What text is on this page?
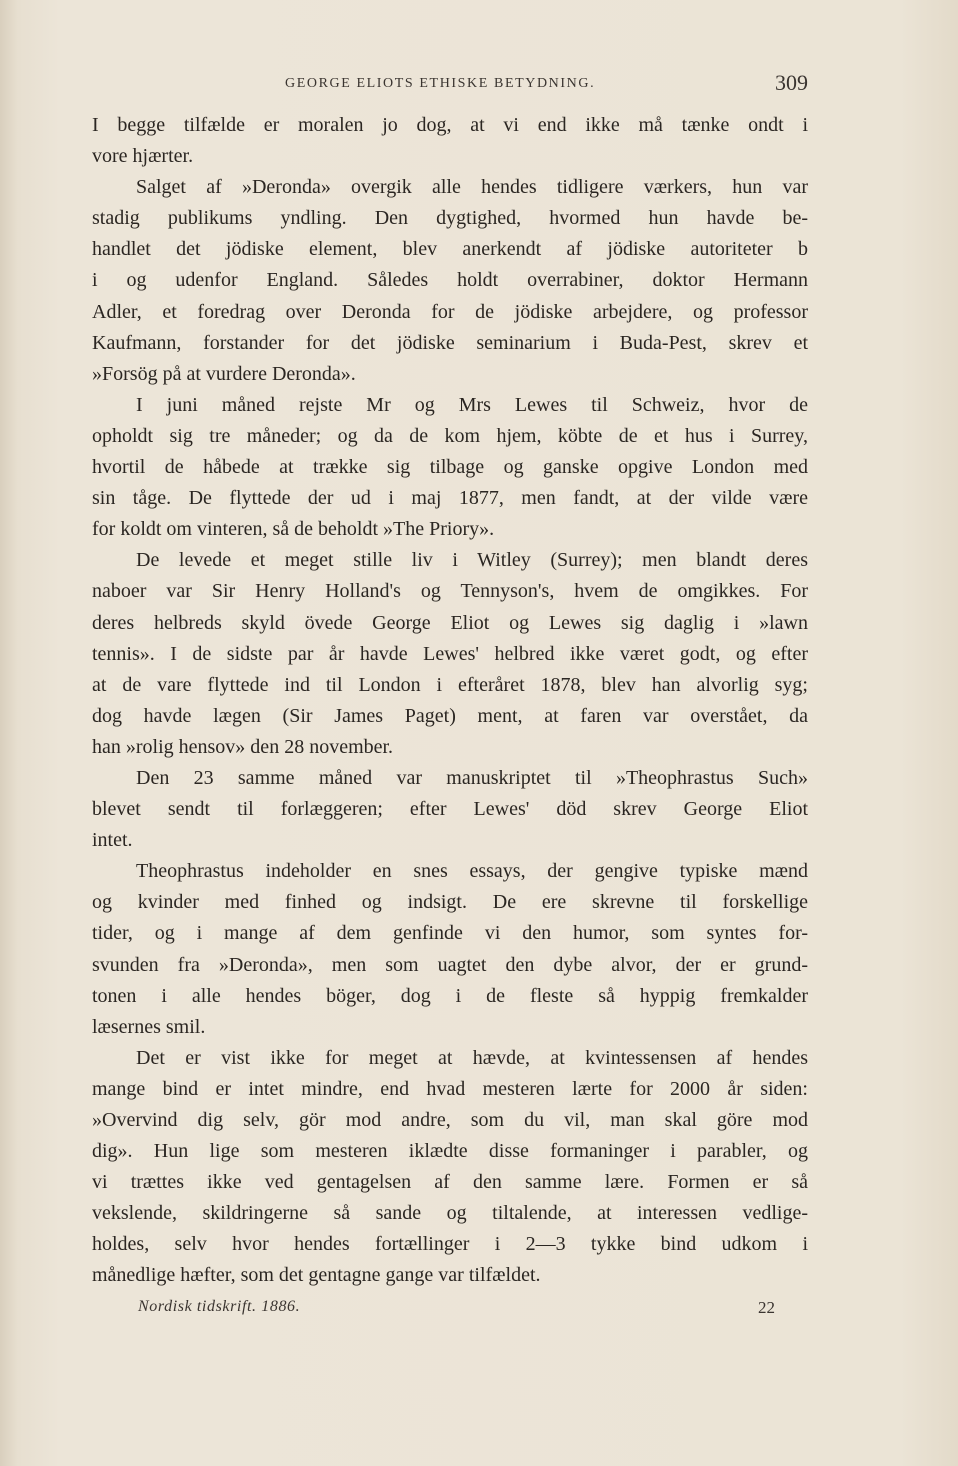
GEORGE ELIOTS ETHISKE BETYDNING.	309
I begge tilfælde er moralen jo dog, at vi end ikke må tænke ondt i
vore hjærter.
Salget af »Deronda» overgik alle hendes tidligere værkers, hun var
stadig publikums yndling. Den dygtighed, hvormed hun havde be-
handlet det jödiske element, blev anerkendt af jödiske autoriteter b
i og udenfor England. Således holdt overrabiner, doktor Hermann
Adler, et foredrag over Deronda for de jödiske arbejdere, og professor
Kaufmann, forstander for det jödiske seminarium i Buda-Pest, skrev et
»Forsög på at vurdere Deronda».
I juni måned rejste Mr og Mrs Lewes til Schweiz, hvor de
opholdt sig tre måneder; og da de kom hjem, köbte de et hus i Surrey,
hvortil de håbede at trække sig tilbage og ganske opgive London med
sin tåge. De flyttede der ud i maj 1877, men fandt, at der vilde være
for koldt om vinteren, så de beholdt »The Priory».
De levede et meget stille liv i Witley (Surrey); men blandt deres
naboer var Sir Henry Holland's og Tennyson's, hvem de omgikkes. For
deres helbreds skyld övede George Eliot og Lewes sig daglig i »lawn
tennis». I de sidste par år havde Lewes' helbred ikke været godt, og efter
at de vare flyttede ind til London i efteråret 1878, blev han alvorlig syg;
dog havde lægen (Sir James Paget) ment, at faren var overstået, da
han »rolig hensov» den 28 november.
Den 23 samme måned var manuskriptet til »Theophrastus Such»
blevet sendt til forlæggeren; efter Lewes' död skrev George Eliot
intet.
Theophrastus indeholder en snes essays, der gengive typiske mænd
og kvinder med finhed og indsigt. De ere skrevne til forskellige
tider, og i mange af dem genfinde vi den humor, som syntes for-
svunden fra »Deronda», men som uagtet den dybe alvor, der er grund-
tonen i alle hendes böger, dog i de fleste så hyppig fremkalder
læsernes smil.
Det er vist ikke for meget at hævde, at kvintessensen af hendes
mange bind er intet mindre, end hvad mesteren lærte for 2000 år siden:
»Overvind dig selv, gör mod andre, som du vil, man skal göre mod
dig». Hun lige som mesteren iklædte disse formaninger i parabler, og
vi trættes ikke ved gentagelsen af den samme lære. Formen er så
vekslende, skildringerne så sande og tiltalende, at interessen vedlige-
holdes, selv hvor hendes fortællinger i 2—3 tykke bind udkom i
månedlige hæfter, som det gentagne gange var tilfældet.
Nordisk tidskrift. 1886.	22
